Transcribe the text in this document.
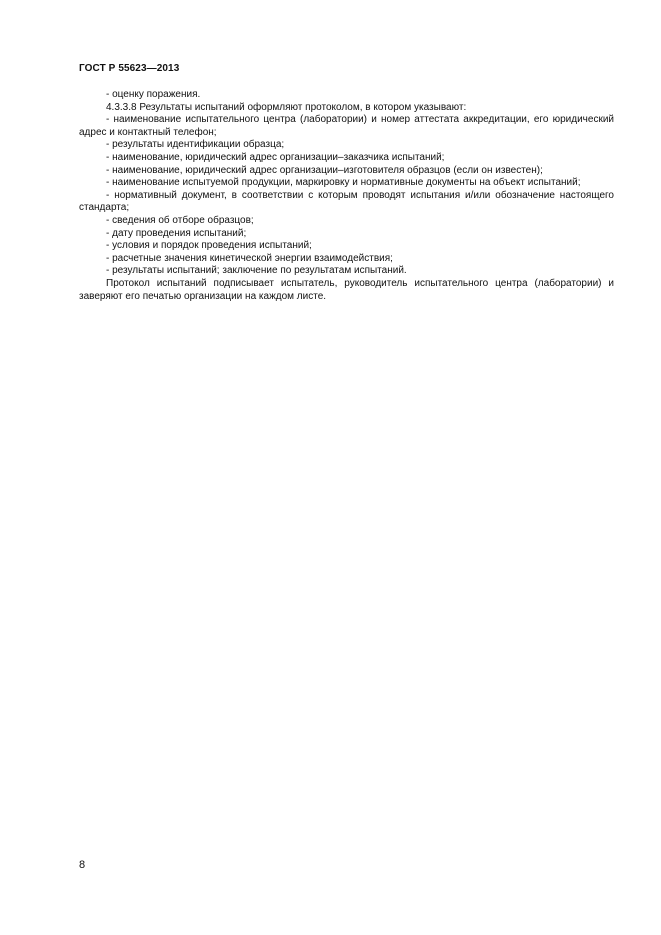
ГОСТ Р 55623—2013

- оценку поражения.

4.3.3.8 Результаты испытаний оформляют протоколом, в котором указывают:

- наименование испытательного центра (лаборатории) и номер аттестата аккредитации, его юридический адрес и контактный телефон;

- результаты идентификации образца;

- наименование, юридический адрес организации–заказчика испытаний;

- наименование, юридический адрес организации–изготовителя образцов (если он известен);

- наименование испытуемой продукции, маркировку и нормативные документы на объект испытаний;

- нормативный документ, в соответствии с которым проводят испытания и/или обозначение настоящего стандарта;

- сведения об отборе образцов;

- дату проведения испытаний;

- условия и порядок проведения испытаний;

- расчетные значения кинетической энергии взаимодействия;

- результаты испытаний; заключение по результатам испытаний.

Протокол испытаний подписывает испытатель, руководитель испытательного центра (лаборатории) и заверяют его печатью организации на каждом листе.

8
